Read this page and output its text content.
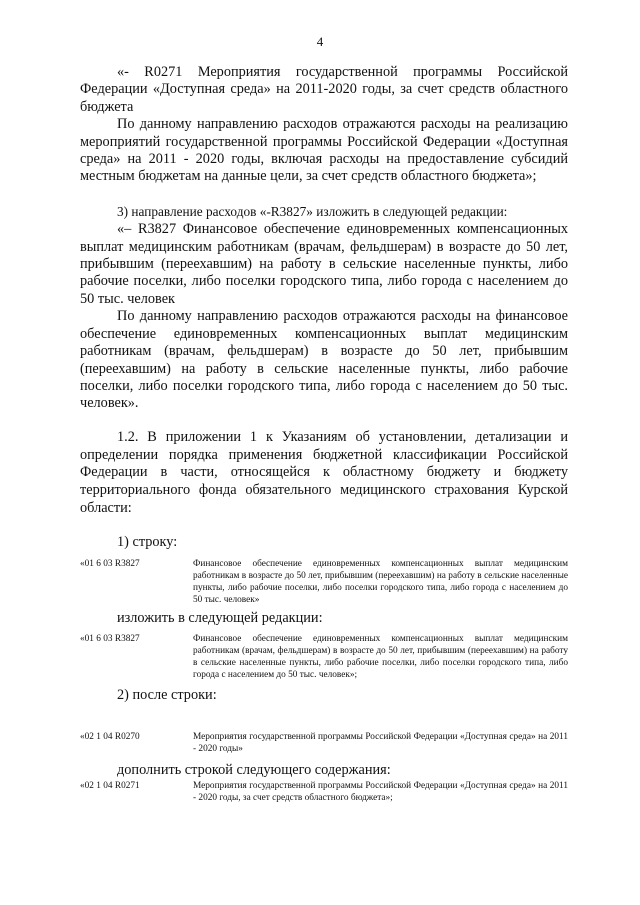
4

«- R0271 Мероприятия государственной программы Российской Федерации «Доступная среда» на 2011-2020 годы, за счет средств областного бюджета

По данному направлению расходов отражаются расходы на реализацию мероприятий государственной программы Российской Федерации «Доступная среда» на 2011 - 2020 годы, включая расходы на предоставление субсидий местным бюджетам на данные цели, за счет средств областного бюджета»;

3) направление расходов «-R3827» изложить в следующей редакции:

«– R3827 Финансовое обеспечение единовременных компенсационных выплат медицинским работникам (врачам, фельдшерам) в возрасте до 50 лет, прибывшим (переехавшим) на работу в сельские населенные пункты, либо рабочие поселки, либо поселки городского типа, либо города с населением до 50 тыс. человек

По данному направлению расходов отражаются расходы на финансовое обеспечение единовременных компенсационных выплат медицинским работникам (врачам, фельдшерам) в возрасте до 50 лет, прибывшим (переехавшим) на работу в сельские населенные пункты, либо рабочие поселки, либо поселки городского типа, либо города с населением до 50 тыс. человек».

1.2. В приложении 1 к Указаниям об установлении, детализации и определении порядка применения бюджетной классификации Российской Федерации в части, относящейся к областному бюджету и бюджету территориального фонда обязательного медицинского страхования Курской области:

1) строку:

«01 6 03 R3827	Финансовое обеспечение единовременных компенсационных выплат медицинским работникам в возрасте до 50 лет, прибывшим (переехавшим) на работу в сельские населенные пункты, либо рабочие поселки, либо поселки городского типа, либо города с населением до 50 тыс. человек»

изложить в следующей редакции:

«01 6 03 R3827	Финансовое обеспечение единовременных компенсационных выплат медицинским работникам (врачам, фельдшерам) в возрасте до 50 лет, прибывшим (переехавшим) на работу в сельские населенные пункты, либо рабочие поселки, либо поселки городского типа, либо города с населением до 50 тыс. человек»;

2) после строки:

«02 1 04 R0270	Мероприятия государственной программы Российской Федерации «Доступная среда» на 2011 - 2020 годы»

дополнить строкой следующего содержания:

«02 1 04 R0271	Мероприятия государственной программы Российской Федерации «Доступная среда» на 2011 - 2020 годы, за счет средств областного бюджета»;
